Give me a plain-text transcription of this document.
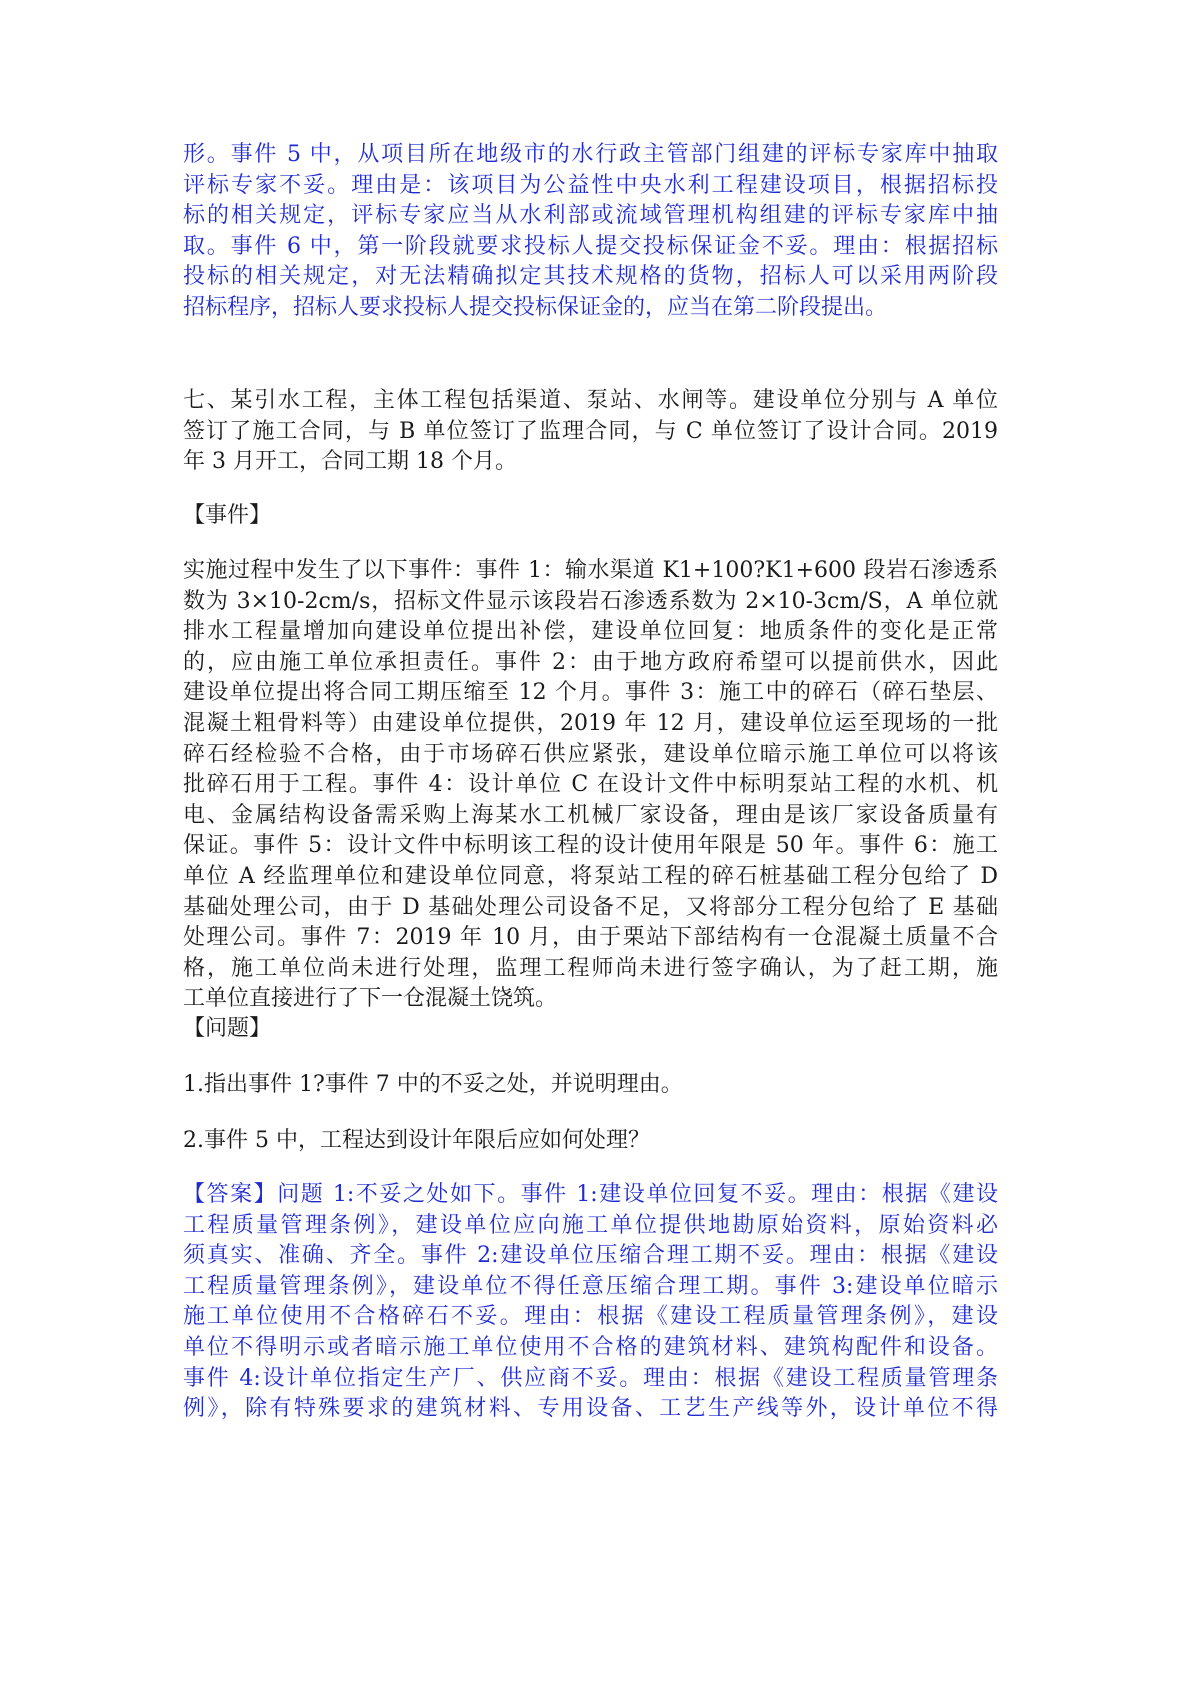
形。事件 5 中，从项目所在地级市的水行政主管部门组建的评标专家库中抽取
评标专家不妥。理由是：该项目为公益性中央水利工程建设项目，根据招标投
标的相关规定，评标专家应当从水利部或流域管理机构组建的评标专家库中抽
取。事件 6 中，第一阶段就要求投标人提交投标保证金不妥。理由：根据招标
投标的相关规定，对无法精确拟定其技术规格的货物，招标人可以采用两阶段
招标程序，招标人要求投标人提交投标保证金的，应当在第二阶段提出。
七、某引水工程，主体工程包括渠道、泵站、水闸等。建设单位分别与 A 单位
签订了施工合同，与 B 单位签订了监理合同，与 C 单位签订了设计合同。2019
年 3 月开工，合同工期 18 个月。
【事件】
实施过程中发生了以下事件：事件 1：输水渠道 K1+100?K1+600 段岩石渗透系
数为 3×10-2cm/s，招标文件显示该段岩石渗透系数为 2×10-3cm/S，A 单位就
排水工程量增加向建设单位提出补偿，建设单位回复：地质条件的变化是正常
的，应由施工单位承担责任。事件 2：由于地方政府希望可以提前供水，因此
建设单位提出将合同工期压缩至 12 个月。事件 3：施工中的碎石（碎石垫层、
混凝土粗骨料等）由建设单位提供，2019 年 12 月，建设单位运至现场的一批
碎石经检验不合格，由于市场碎石供应紧张，建设单位暗示施工单位可以将该
批碎石用于工程。事件 4：设计单位 C 在设计文件中标明泵站工程的水机、机
电、金属结构设备需采购上海某水工机械厂家设备，理由是该厂家设备质量有
保证。事件 5：设计文件中标明该工程的设计使用年限是 50 年。事件 6：施工
单位 A 经监理单位和建设单位同意，将泵站工程的碎石桩基础工程分包给了 D
基础处理公司，由于 D 基础处理公司设备不足，又将部分工程分包给了 E 基础
处理公司。事件 7：2019 年 10 月，由于栗站下部结构有一仓混凝土质量不合
格，施工单位尚未进行处理，监理工程师尚未进行签字确认，为了赶工期，施
工单位直接进行了下一仓混凝土饶筑。
【问题】
1.指出事件 1?事件 7 中的不妥之处，并说明理由。
2.事件 5 中，工程达到设计年限后应如何处理？
【答案】问题 1:不妥之处如下。事件 1:建设单位回复不妥。理由：根据《建设
工程质量管理条例》，建设单位应向施工单位提供地勘原始资料，原始资料必
须真实、准确、齐全。事件 2:建设单位压缩合理工期不妥。理由：根据《建设
工程质量管理条例》，建设单位不得任意压缩合理工期。事件 3:建设单位暗示
施工单位使用不合格碎石不妥。理由：根据《建设工程质量管理条例》，建设
单位不得明示或者暗示施工单位使用不合格的建筑材料、建筑构配件和设备。
事件 4:设计单位指定生产厂、供应商不妥。理由：根据《建设工程质量管理条
例》，除有特殊要求的建筑材料、专用设备、工艺生产线等外，设计单位不得
